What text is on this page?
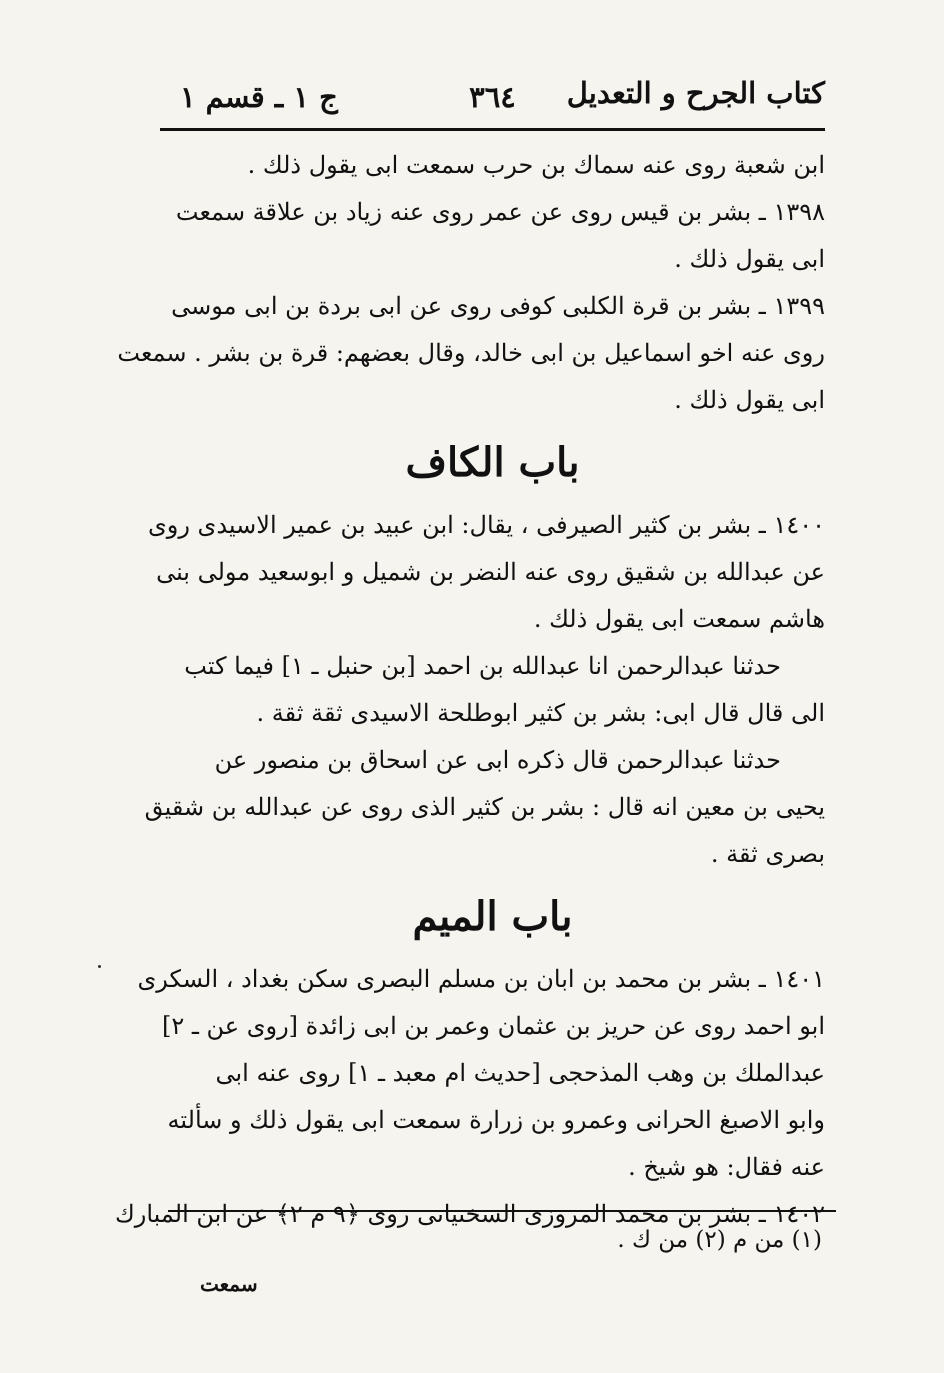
كتاب الجرح و التعديل
٣٦٤
ج ١ ـ قسم ١
ابن شعبة روى عنه سماك بن حرب سمعت ابى يقول ذلك .
١٣٩٨ ـ بشر بن قيس روى عن عمر روى عنه زياد بن علاقة سمعت
ابى يقول ذلك .
١٣٩٩ ـ بشر بن قرة الكلبى كوفى روى عن ابى بردة بن ابى موسى
روى عنه اخو اسماعيل بن ابى خالد، وقال بعضهم: قرة بن بشر . سمعت
ابى يقول ذلك .
باب الكاف
١٤٠٠ ـ بشر بن كثير الصيرفى ، يقال: ابن عبيد بن عمير الاسيدى روى
عن عبدالله بن شقيق روى عنه النضر بن شميل و ابوسعيد مولى بنى
هاشم سمعت ابى يقول ذلك .
حدثنا عبدالرحمن انا عبدالله بن احمد [بن حنبل ـ ١] فيما كتب
الى قال قال ابى: بشر بن كثير ابوطلحة الاسيدى ثقة ثقة .
حدثنا عبدالرحمن قال ذكره ابى عن اسحاق بن منصور عن
يحيى بن معين انه قال : بشر بن كثير الذى روى عن عبدالله بن شقيق
بصرى ثقة .
باب الميم
١٤٠١ ـ بشر بن محمد بن ابان بن مسلم البصرى سكن بغداد ، السكرى
ابو احمد روى عن حريز بن عثمان وعمر بن ابى زائدة [روى عن ـ ٢]
عبدالملك بن وهب المذحجى [حديث ام معبد ـ ١] روى عنه ابى
وابو الاصبغ الحرانى وعمرو بن زرارة سمعت ابى يقول ذلك و سألته
عنه فقال: هو شيخ .
١٤٠٢ ـ بشر بن محمد المروزى السختيانى روى ﴿٩ م ٢﴾ عن ابن المبارك
(١) من م (٢) من ك .
سمعت
